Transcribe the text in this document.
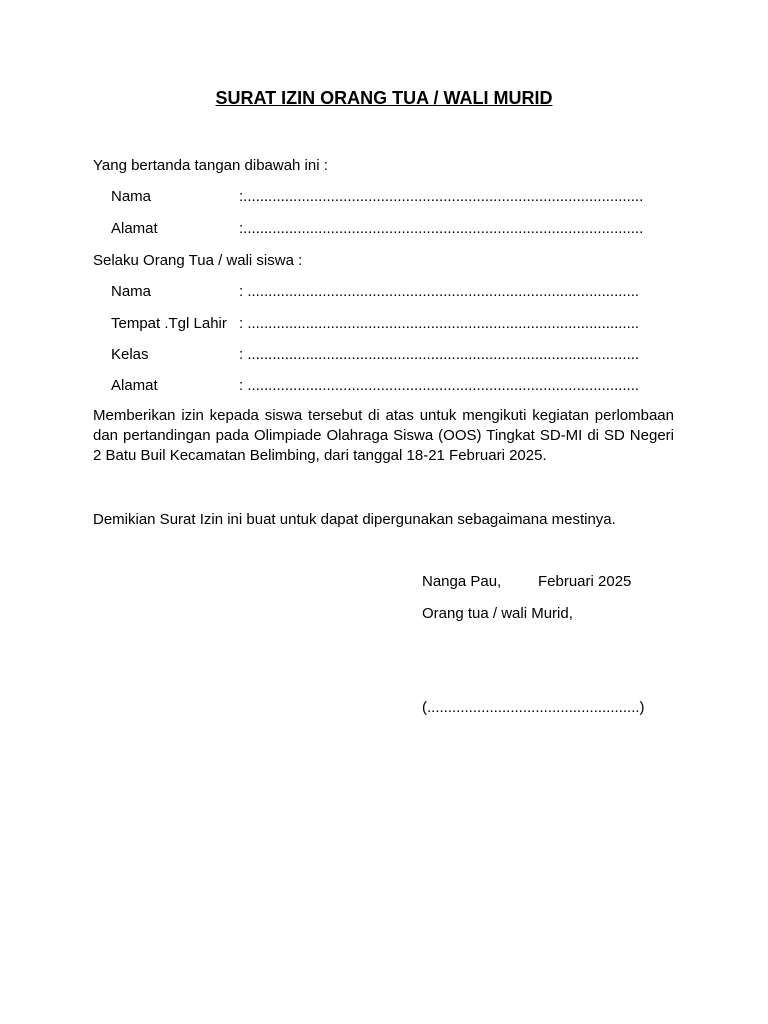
SURAT IZIN ORANG TUA / WALI MURID
Yang bertanda tangan dibawah ini :
Nama	:................................................................................................
Alamat	:................................................................................................
Selaku Orang Tua / wali siswa :
Nama	: ..............................................................................................
Tempat .Tgl Lahir : ..............................................................................................
Kelas	: ..............................................................................................
Alamat	: ..............................................................................................
Memberikan izin kepada siswa tersebut di atas untuk mengikuti kegiatan perlombaan dan pertandingan pada Olimpiade Olahraga Siswa (OOS) Tingkat SD-MI di SD Negeri 2 Batu Buil Kecamatan Belimbing, dari tanggal 18-21 Februari 2025.
Demikian Surat Izin ini buat untuk dapat dipergunakan sebagaimana mestinya.
Nanga Pau, Februari 2025
Orang tua / wali Murid,
(...................................................)
